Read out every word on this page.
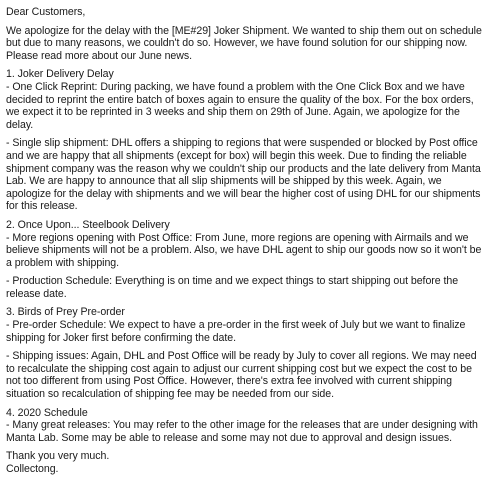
Dear Customers,

We apologize for the delay with the [ME#29] Joker Shipment. We wanted to ship them out on schedule but due to many reasons, we couldn't do so. However, we have found solution for our shipping now. Please read more about our June news.

1. Joker Delivery Delay

- One Click Reprint: During packing, we have found a problem with the One Click Box and we have decided to reprint the entire batch of boxes again to ensure the quality of the box. For the box orders, we expect it to be reprinted in 3 weeks and ship them on 29th of June. Again, we apologize for the delay.

- Single slip shipment: DHL offers a shipping to regions that were suspended or blocked by Post office and we are happy that all shipments (except for box) will begin this week. Due to finding the reliable shipment company was the reason why we couldn't ship our products and the late delivery from Manta Lab. We are happy to announce that all slip shipments will be shipped by this week. Again, we apologize for the delay with shipments and we will bear the higher cost of using DHL for our shipments for this release.

2. Once Upon... Steelbook Delivery

- More regions opening with Post Office: From June, more regions are opening with Airmails and we believe shipments will not be a problem. Also, we have DHL agent to ship our goods now so it won't be a problem with shipping.

- Production Schedule: Everything is on time and we expect things to start shipping out before the release date.

3. Birds of Prey Pre-order

- Pre-order Schedule: We expect to have a pre-order in the first week of July but we want to finalize shipping for Joker first before confirming the date.

- Shipping issues: Again, DHL and Post Office will be ready by July to cover all regions. We may need to recalculate the shipping cost again to adjust our current shipping cost but we expect the cost to be not too different from using Post Office. However, there's extra fee involved with current shipping situation so recalculation of shipping fee may be needed from our side.

4. 2020 Schedule

- Many great releases: You may refer to the other image for the releases that are under designing with Manta Lab. Some may be able to release and some may not due to approval and design issues.

Thank you very much.

Collectong.
